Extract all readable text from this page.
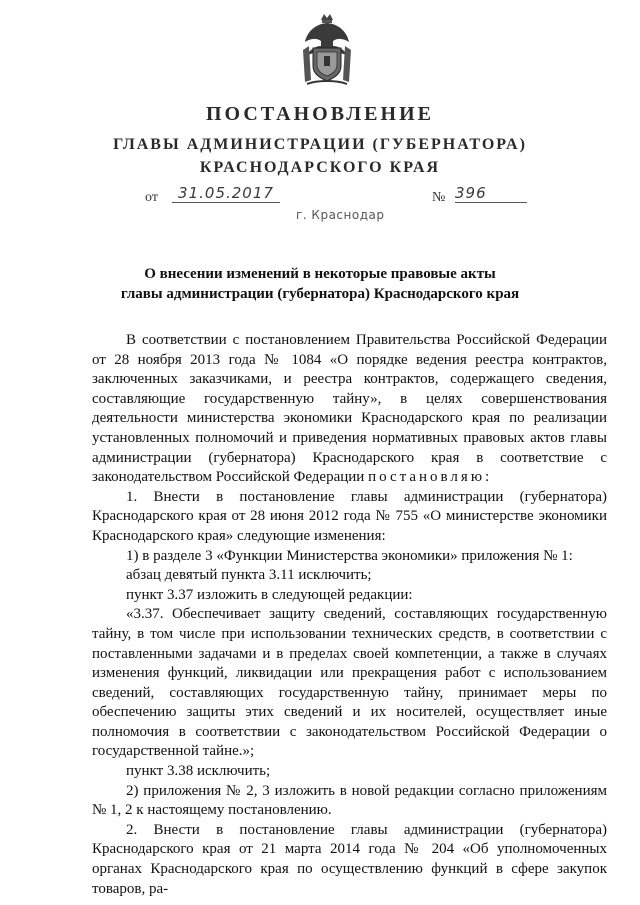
ПОСТАНОВЛЕНИЕ
ГЛАВЫ АДМИНИСТРАЦИИ (ГУБЕРНАТОРА)
КРАСНОДАРСКОГО КРАЯ
от	31.05.2017	№ 396
г. Краснодар
О внесении изменений в некоторые правовые акты
главы администрации (губернатора) Краснодарского края

В соответствии с постановлением Правительства Российской Федерации от 28 ноября 2013 года № 1084 «О порядке ведения реестра контрактов, заключенных заказчиками, и реестра контрактов, содержащего сведения, составляющие государственную тайну», в целях совершенствования деятельности министерства экономики Краснодарского края по реализации установленных полномочий и приведения нормативных правовых актов главы администрации (губернатора) Краснодарского края в соответствие с законодательством Российской Федерации постановляю:

1. Внести в постановление главы администрации (губернатора) Краснодарского края от 28 июня 2012 года № 755 «О министерстве экономики Краснодарского края» следующие изменения:

1) в разделе 3 «Функции Министерства экономики» приложения № 1:

абзац девятый пункта 3.11 исключить;

пункт 3.37 изложить в следующей редакции:

«3.37. Обеспечивает защиту сведений, составляющих государственную тайну, в том числе при использовании технических средств, в соответствии с поставленными задачами и в пределах своей компетенции, а также в случаях изменения функций, ликвидации или прекращения работ с использованием сведений, составляющих государственную тайну, принимает меры по обеспечению защиты этих сведений и их носителей, осуществляет иные полномочия в соответствии с законодательством Российской Федерации о государственной тайне.»;

пункт 3.38 исключить;

2) приложения № 2, 3 изложить в новой редакции согласно приложениям № 1, 2 к настоящему постановлению.

2. Внести в постановление главы администрации (губернатора) Краснодарского края от 21 марта 2014 года № 204 «Об уполномоченных органах Краснодарского края по осуществлению функций в сфере закупок товаров, ра-
